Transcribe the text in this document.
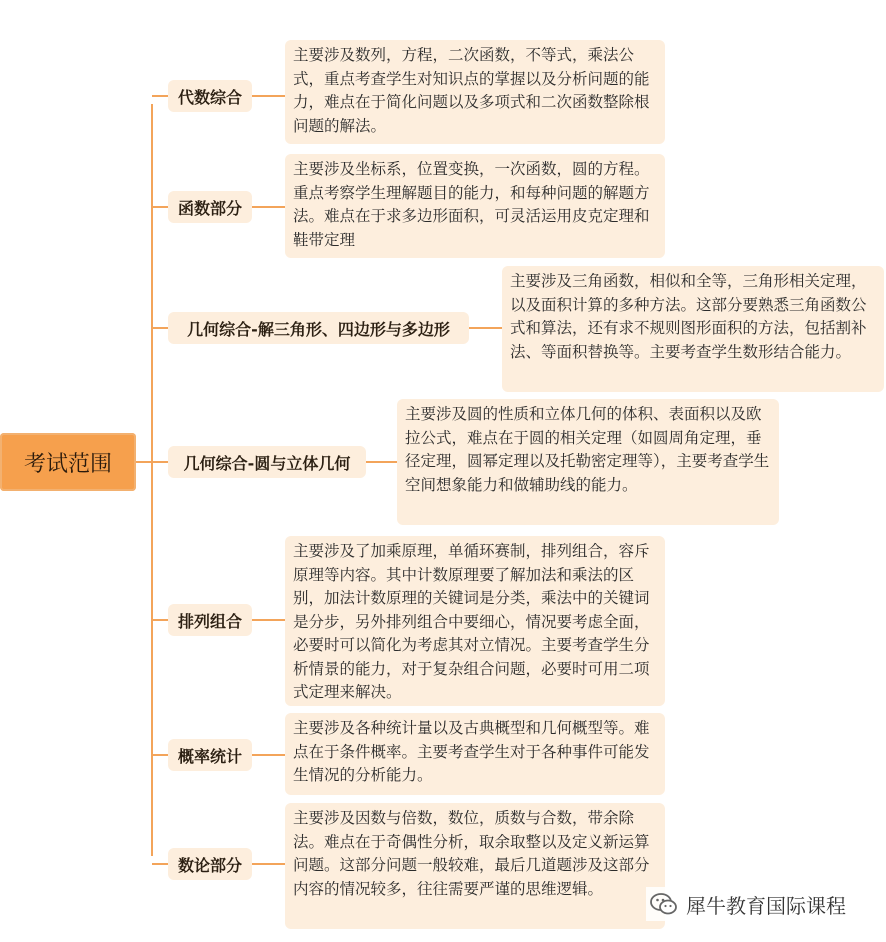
考试范围
代数综合
主要涉及数列，方程，二次函数，不等式，乘法公式，重点考查学生对知识点的掌握以及分析问题的能力，难点在于简化问题以及多项式和二次函数整除根问题的解法。
函数部分
主要涉及坐标系，位置变换，一次函数，圆的方程。重点考察学生理解题目的能力，和每种问题的解题方法。难点在于求多边形面积，可灵活运用皮克定理和鞋带定理
几何综合-解三角形、四边形与多边形
主要涉及三角函数，相似和全等，三角形相关定理，以及面积计算的多种方法。这部分要熟悉三角函数公式和算法，还有求不规则图形面积的方法，包括割补法、等面积替换等。主要考查学生数形结合能力。
几何综合-圆与立体几何
主要涉及圆的性质和立体几何的体积、表面积以及欧拉公式，难点在于圆的相关定理（如圆周角定理，垂径定理，圆幂定理以及托勒密定理等），主要考查学生空间想象能力和做辅助线的能力。
排列组合
主要涉及了加乘原理，单循环赛制，排列组合，容斥原理等内容。其中计数原理要了解加法和乘法的区别，加法计数原理的关键词是分类，乘法中的关键词是分步，另外排列组合中要细心，情况要考虑全面，必要时可以简化为考虑其对立情况。主要考查学生分析情景的能力，对于复杂组合问题，必要时可用二项式定理来解决。
概率统计
主要涉及各种统计量以及古典概型和几何概型等。难点在于条件概率。主要考查学生对于各种事件可能发生情况的分析能力。
数论部分
主要涉及因数与倍数，数位，质数与合数，带余除法。难点在于奇偶性分析，取余取整以及定义新运算问题。这部分问题一般较难，最后几道题涉及这部分内容的情况较多，往往需要严谨的思维逻辑。
犀牛教育国际课程
